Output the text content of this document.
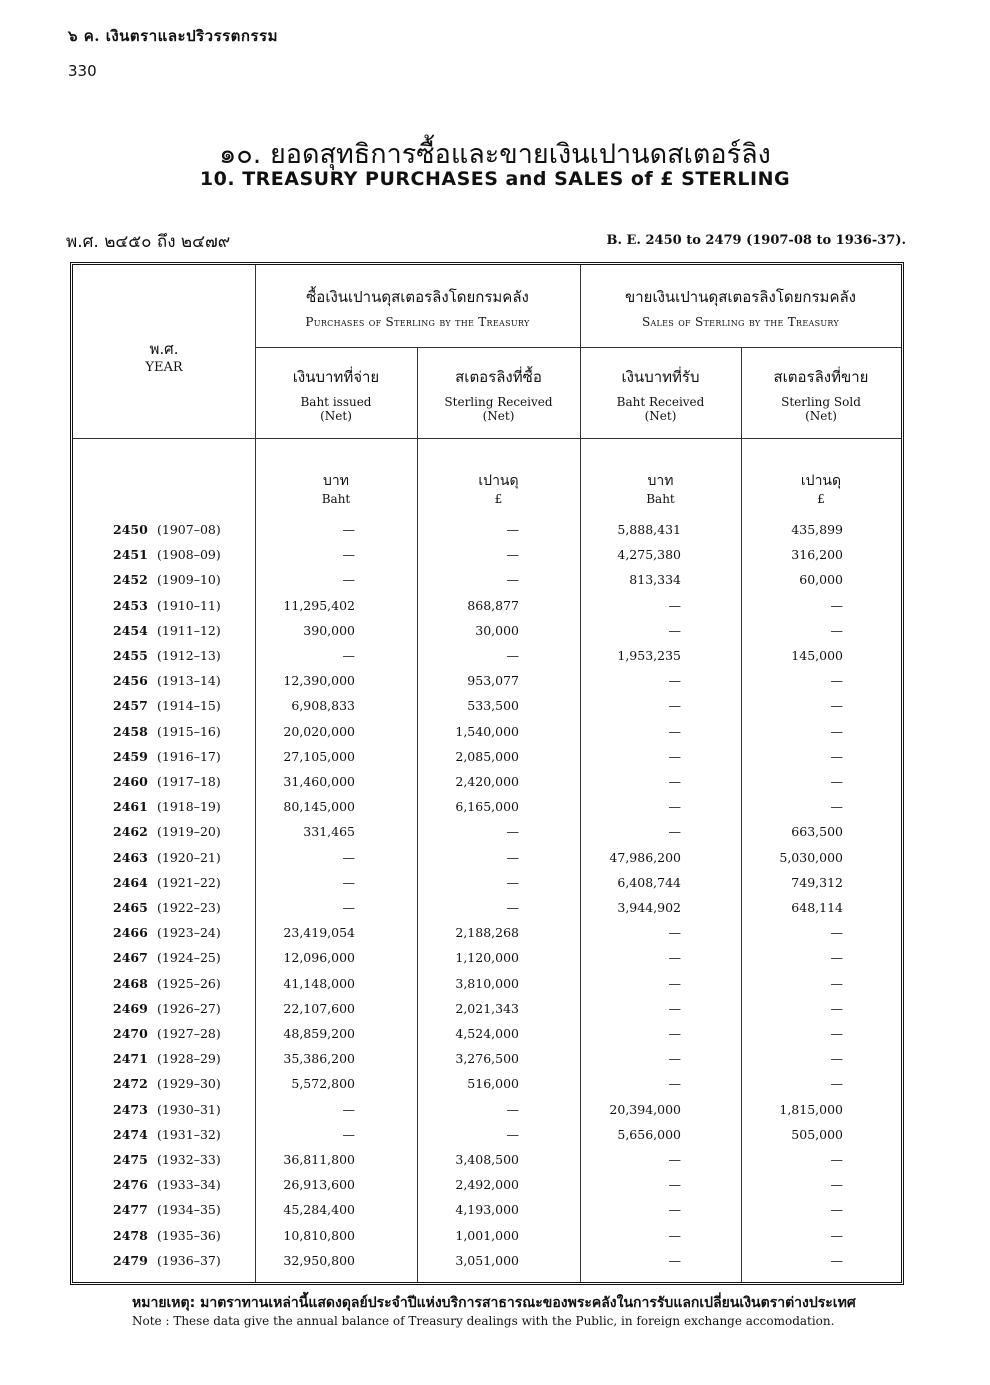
๖ ค. เงินตราและปริวรรตกรรม
330
๑๐. ยอดสุทธิการซื้อและขายเงินเปานดสเตอร์ลิง
10. TREASURY PURCHASES and SALES of £ STERLING
พ.ศ. ๒๔๕๐ ถึง ๒๔๗๙	B. E. 2450 to 2479 (1907-08 to 1936-37).
พ.ศ.
YEAR
ซื้อเงินเปานดุสเตอรลิงโดยกรมคลัง
Purchases of Sterling by the Treasury
ขายเงินเปานดุสเตอรลิงโดยกรมคลัง
Sales of Sterling by the Treasury
เงินบาทที่จ่าย
Baht issued
(Net)
สเตอรลิงที่ซื้อ
Sterling Received
(Net)
เงินบาทที่รับ
Baht Received
(Net)
สเตอรลิงที่ขาย
Sterling Sold
(Net)
บาท
Baht
เปานดุ
£
บาท
Baht
เปานดุ
£
2450 (1907–08)	—	—	5,888,431	435,899
2451 (1908–09)	—	—	4,275,380	316,200
2452 (1909–10)	—	—	813,334	60,000
2453 (1910–11)	11,295,402	868,877	—	—
2454 (1911–12)	390,000	30,000	—	—
2455 (1912–13)	—	—	1,953,235	145,000
2456 (1913–14)	12,390,000	953,077	—	—
2457 (1914–15)	6,908,833	533,500	—	—
2458 (1915–16)	20,020,000	1,540,000	—	—
2459 (1916–17)	27,105,000	2,085,000	—	—
2460 (1917–18)	31,460,000	2,420,000	—	—
2461 (1918–19)	80,145,000	6,165,000	—	—
2462 (1919–20)	331,465	—	—	663,500
2463 (1920–21)	—	—	47,986,200	5,030,000
2464 (1921–22)	—	—	6,408,744	749,312
2465 (1922–23)	—	—	3,944,902	648,114
2466 (1923–24)	23,419,054	2,188,268	—	—
2467 (1924–25)	12,096,000	1,120,000	—	—
2468 (1925–26)	41,148,000	3,810,000	—	—
2469 (1926–27)	22,107,600	2,021,343	—	—
2470 (1927–28)	48,859,200	4,524,000	—	—
2471 (1928–29)	35,386,200	3,276,500	—	—
2472 (1929–30)	5,572,800	516,000	—	—
2473 (1930–31)	—	—	20,394,000	1,815,000
2474 (1931–32)	—	—	5,656,000	505,000
2475 (1932–33)	36,811,800	3,408,500	—	—
2476 (1933–34)	26,913,600	2,492,000	—	—
2477 (1934–35)	45,284,400	4,193,000	—	—
2478 (1935–36)	10,810,800	1,001,000	—	—
2479 (1936–37)	32,950,800	3,051,000	—	—
หมายเหตุ: มาตราทานเหล่านี้แสดงดุลย์ประจำปีแห่งบริการสาธารณะของพระคลังในการรับแลกเปลี่ยนเงินตราต่างประเทศ
Note : These data give the annual balance of Treasury dealings with the Public, in foreign exchange accomodation.
